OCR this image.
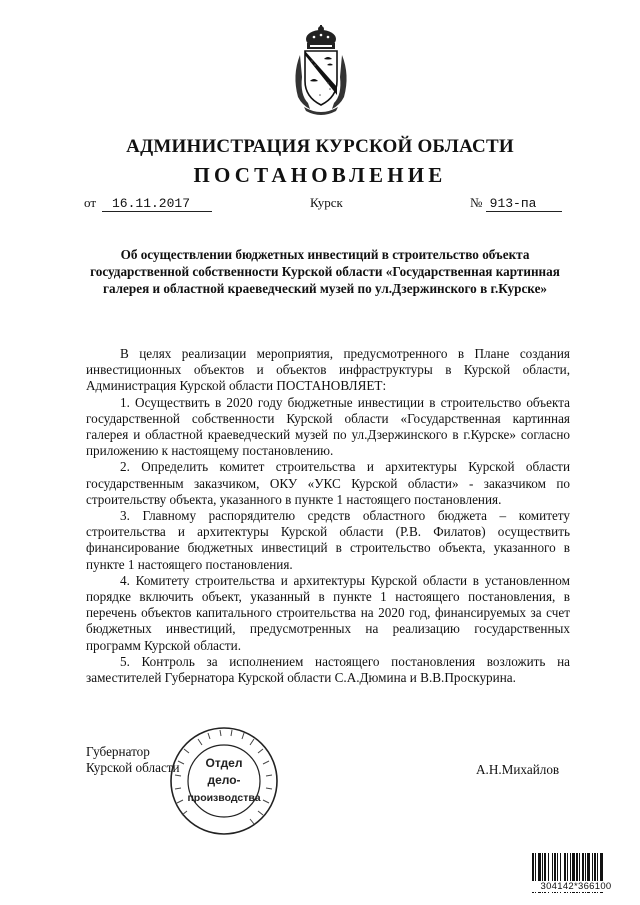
АДМИНИСТРАЦИЯ КУРСКОЙ ОБЛАСТИ
ПОСТАНОВЛЕНИЕ
от	16.11.2017	Курск	№ 913-па
Об осуществлении бюджетных инвестиций в строительство объекта государственной собственности Курской области «Государственная картинная галерея и областной краеведческий музей по ул.Дзержинского в г.Курске»

В целях реализации мероприятия, предусмотренного в Плане создания инвестиционных объектов и объектов инфраструктуры в Курской области, Администрация Курской области ПОСТАНОВЛЯЕТ:

1. Осуществить в 2020 году бюджетные инвестиции в строительство объекта государственной собственности Курской области «Государственная картинная галерея и областной краеведческий музей по ул.Дзержинского в г.Курске» согласно приложению к настоящему постановлению.

2. Определить комитет строительства и архитектуры Курской области государственным заказчиком, ОКУ «УКС Курской области» - заказчиком по строительству объекта, указанного в пункте 1 настоящего постановления.

3. Главному распорядителю средств областного бюджета – комитету строительства и архитектуры Курской области (Р.В. Филатов) осуществить финансирование бюджетных инвестиций в строительство объекта, указанного в пункте 1 настоящего постановления.

4. Комитету строительства и архитектуры Курской области в установленном порядке включить объект, указанный в пункте 1 настоящего постановления, в перечень объектов капитального строительства на 2020 год, финансируемых за счет бюджетных инвестиций, предусмотренных на реализацию государственных программ Курской области.

5. Контроль за исполнением настоящего постановления возложить на заместителей Губернатора Курской области С.А.Дюмина и В.В.Проскурина.

Губернатор
Курской области	А.Н.Михайлов
Отдел
дело-
производства
304142*366100
